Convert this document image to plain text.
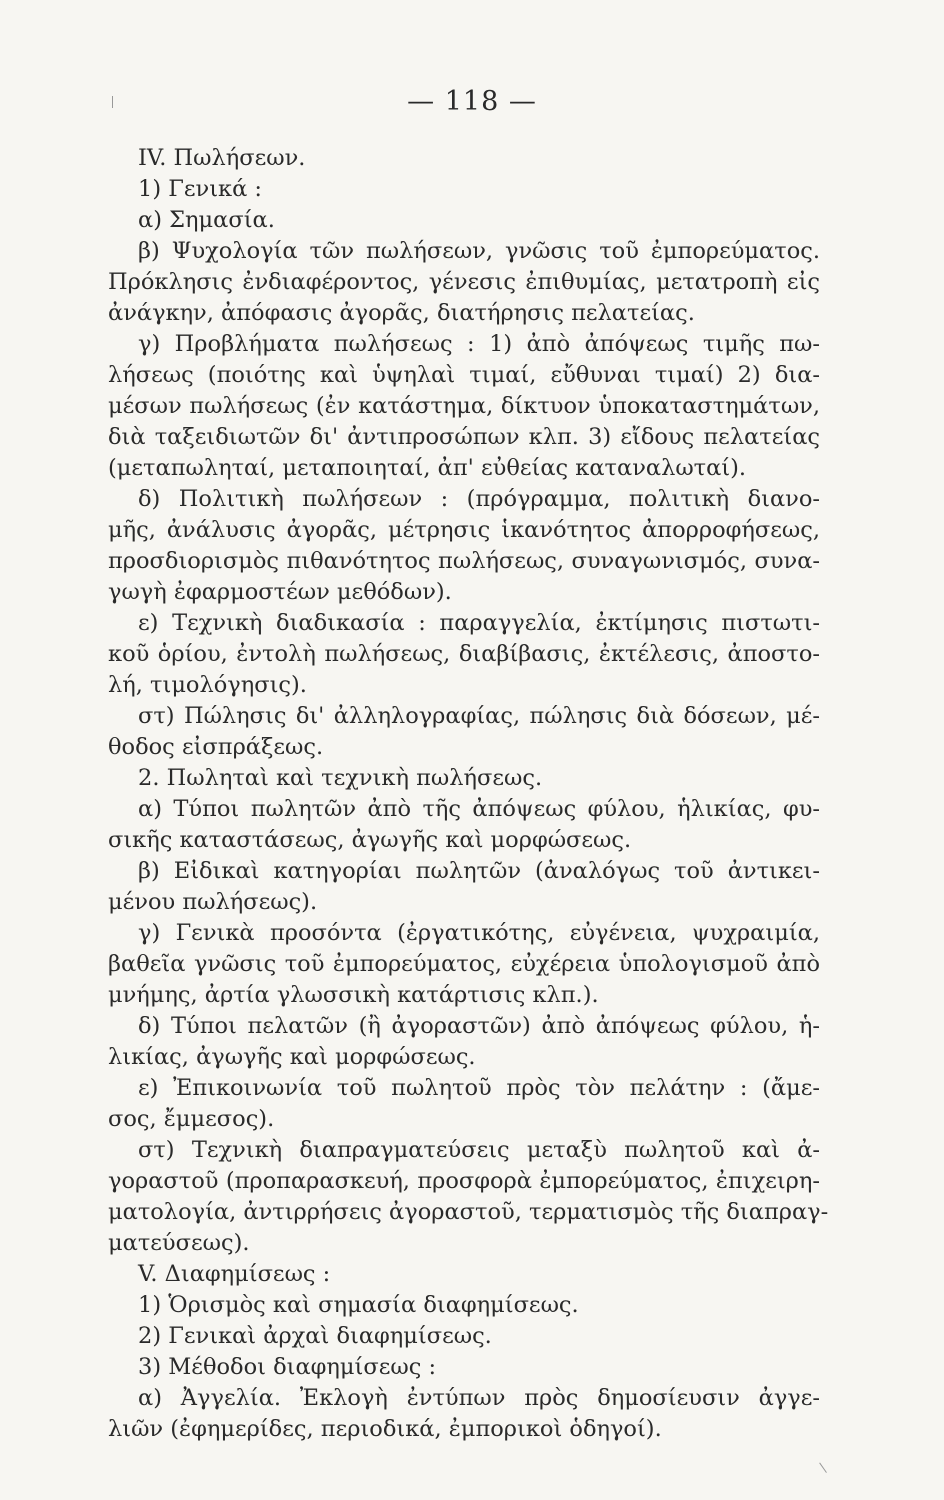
— 118 —
IV. Πωλήσεων.
1) Γενικά :
α) Σημασία.
β) Ψυχολογία τῶν πωλήσεων, γνῶσις τοῦ ἐμπορεύματος.
Πρόκλησις ἐνδιαφέροντος, γένεσις ἐπιθυμίας, μετατροπὴ εἰς
ἀνάγκην, ἀπόφασις ἀγορᾶς, διατήρησις πελατείας.
γ) Προβλήματα πωλήσεως : 1) ἀπὸ ἀπόψεως τιμῆς πω-
λήσεως (ποιότης καὶ ὑψηλαὶ τιμαί, εὔθυναι τιμαί) 2) δια-
μέσων πωλήσεως (ἐν κατάστημα, δίκτυον ὑποκαταστημάτων,
διὰ ταξειδιωτῶν δι' ἀντιπροσώπων κλπ. 3) εἴδους πελατείας
(μεταπωληταί, μεταποιηταί, ἀπ' εὐθείας καταναλωταί).
δ) Πολιτικὴ πωλήσεων : (πρόγραμμα, πολιτικὴ διανο-
μῆς, ἀνάλυσις ἀγορᾶς, μέτρησις ἱκανότητος ἀπορροφήσεως,
προσδιορισμὸς πιθανότητος πωλήσεως, συναγωνισμός, συνα-
γωγὴ ἐφαρμοστέων μεθόδων).
ε) Τεχνικὴ διαδικασία : παραγγελία, ἐκτίμησις πιστωτι-
κοῦ ὁρίου, ἐντολὴ πωλήσεως, διαβίβασις, ἐκτέλεσις, ἀποστο-
λή, τιμολόγησις).
στ) Πώλησις δι' ἀλληλογραφίας, πώλησις διὰ δόσεων, μέ-
θοδος εἰσπράξεως.
2. Πωληταὶ καὶ τεχνικὴ πωλήσεως.
α) Τύποι πωλητῶν ἀπὸ τῆς ἀπόψεως φύλου, ἡλικίας, φυ-
σικῆς καταστάσεως, ἀγωγῆς καὶ μορφώσεως.
β) Εἰδικαὶ κατηγορίαι πωλητῶν (ἀναλόγως τοῦ ἀντικει-
μένου πωλήσεως).
γ) Γενικὰ προσόντα (ἐργατικότης, εὐγένεια, ψυχραιμία,
βαθεῖα γνῶσις τοῦ ἐμπορεύματος, εὐχέρεια ὑπολογισμοῦ ἀπὸ
μνήμης, ἀρτία γλωσσικὴ κατάρτισις κλπ.).
δ) Τύποι πελατῶν (ἢ ἀγοραστῶν) ἀπὸ ἀπόψεως φύλου, ἡ-
λικίας, ἀγωγῆς καὶ μορφώσεως.
ε) Ἐπικοινωνία τοῦ πωλητοῦ πρὸς τὸν πελάτην : (ἄμε-
σος, ἔμμεσος).
στ) Τεχνικὴ διαπραγματεύσεις μεταξὺ πωλητοῦ καὶ ἀ-
γοραστοῦ (προπαρασκευή, προσφορὰ ἐμπορεύματος, ἐπιχειρη-
ματολογία, ἀντιρρήσεις ἀγοραστοῦ, τερματισμὸς τῆς διαπραγ-
ματεύσεως).
V. Διαφημίσεως :
1) Ὁρισμὸς καὶ σημασία διαφημίσεως.
2) Γενικαὶ ἀρχαὶ διαφημίσεως.
3) Μέθοδοι διαφημίσεως :
α) Ἀγγελία. Ἐκλογὴ ἐντύπων πρὸς δημοσίευσιν ἀγγε-
λιῶν (ἐφημερίδες, περιοδικά, ἐμπορικοὶ ὁδηγοί).
